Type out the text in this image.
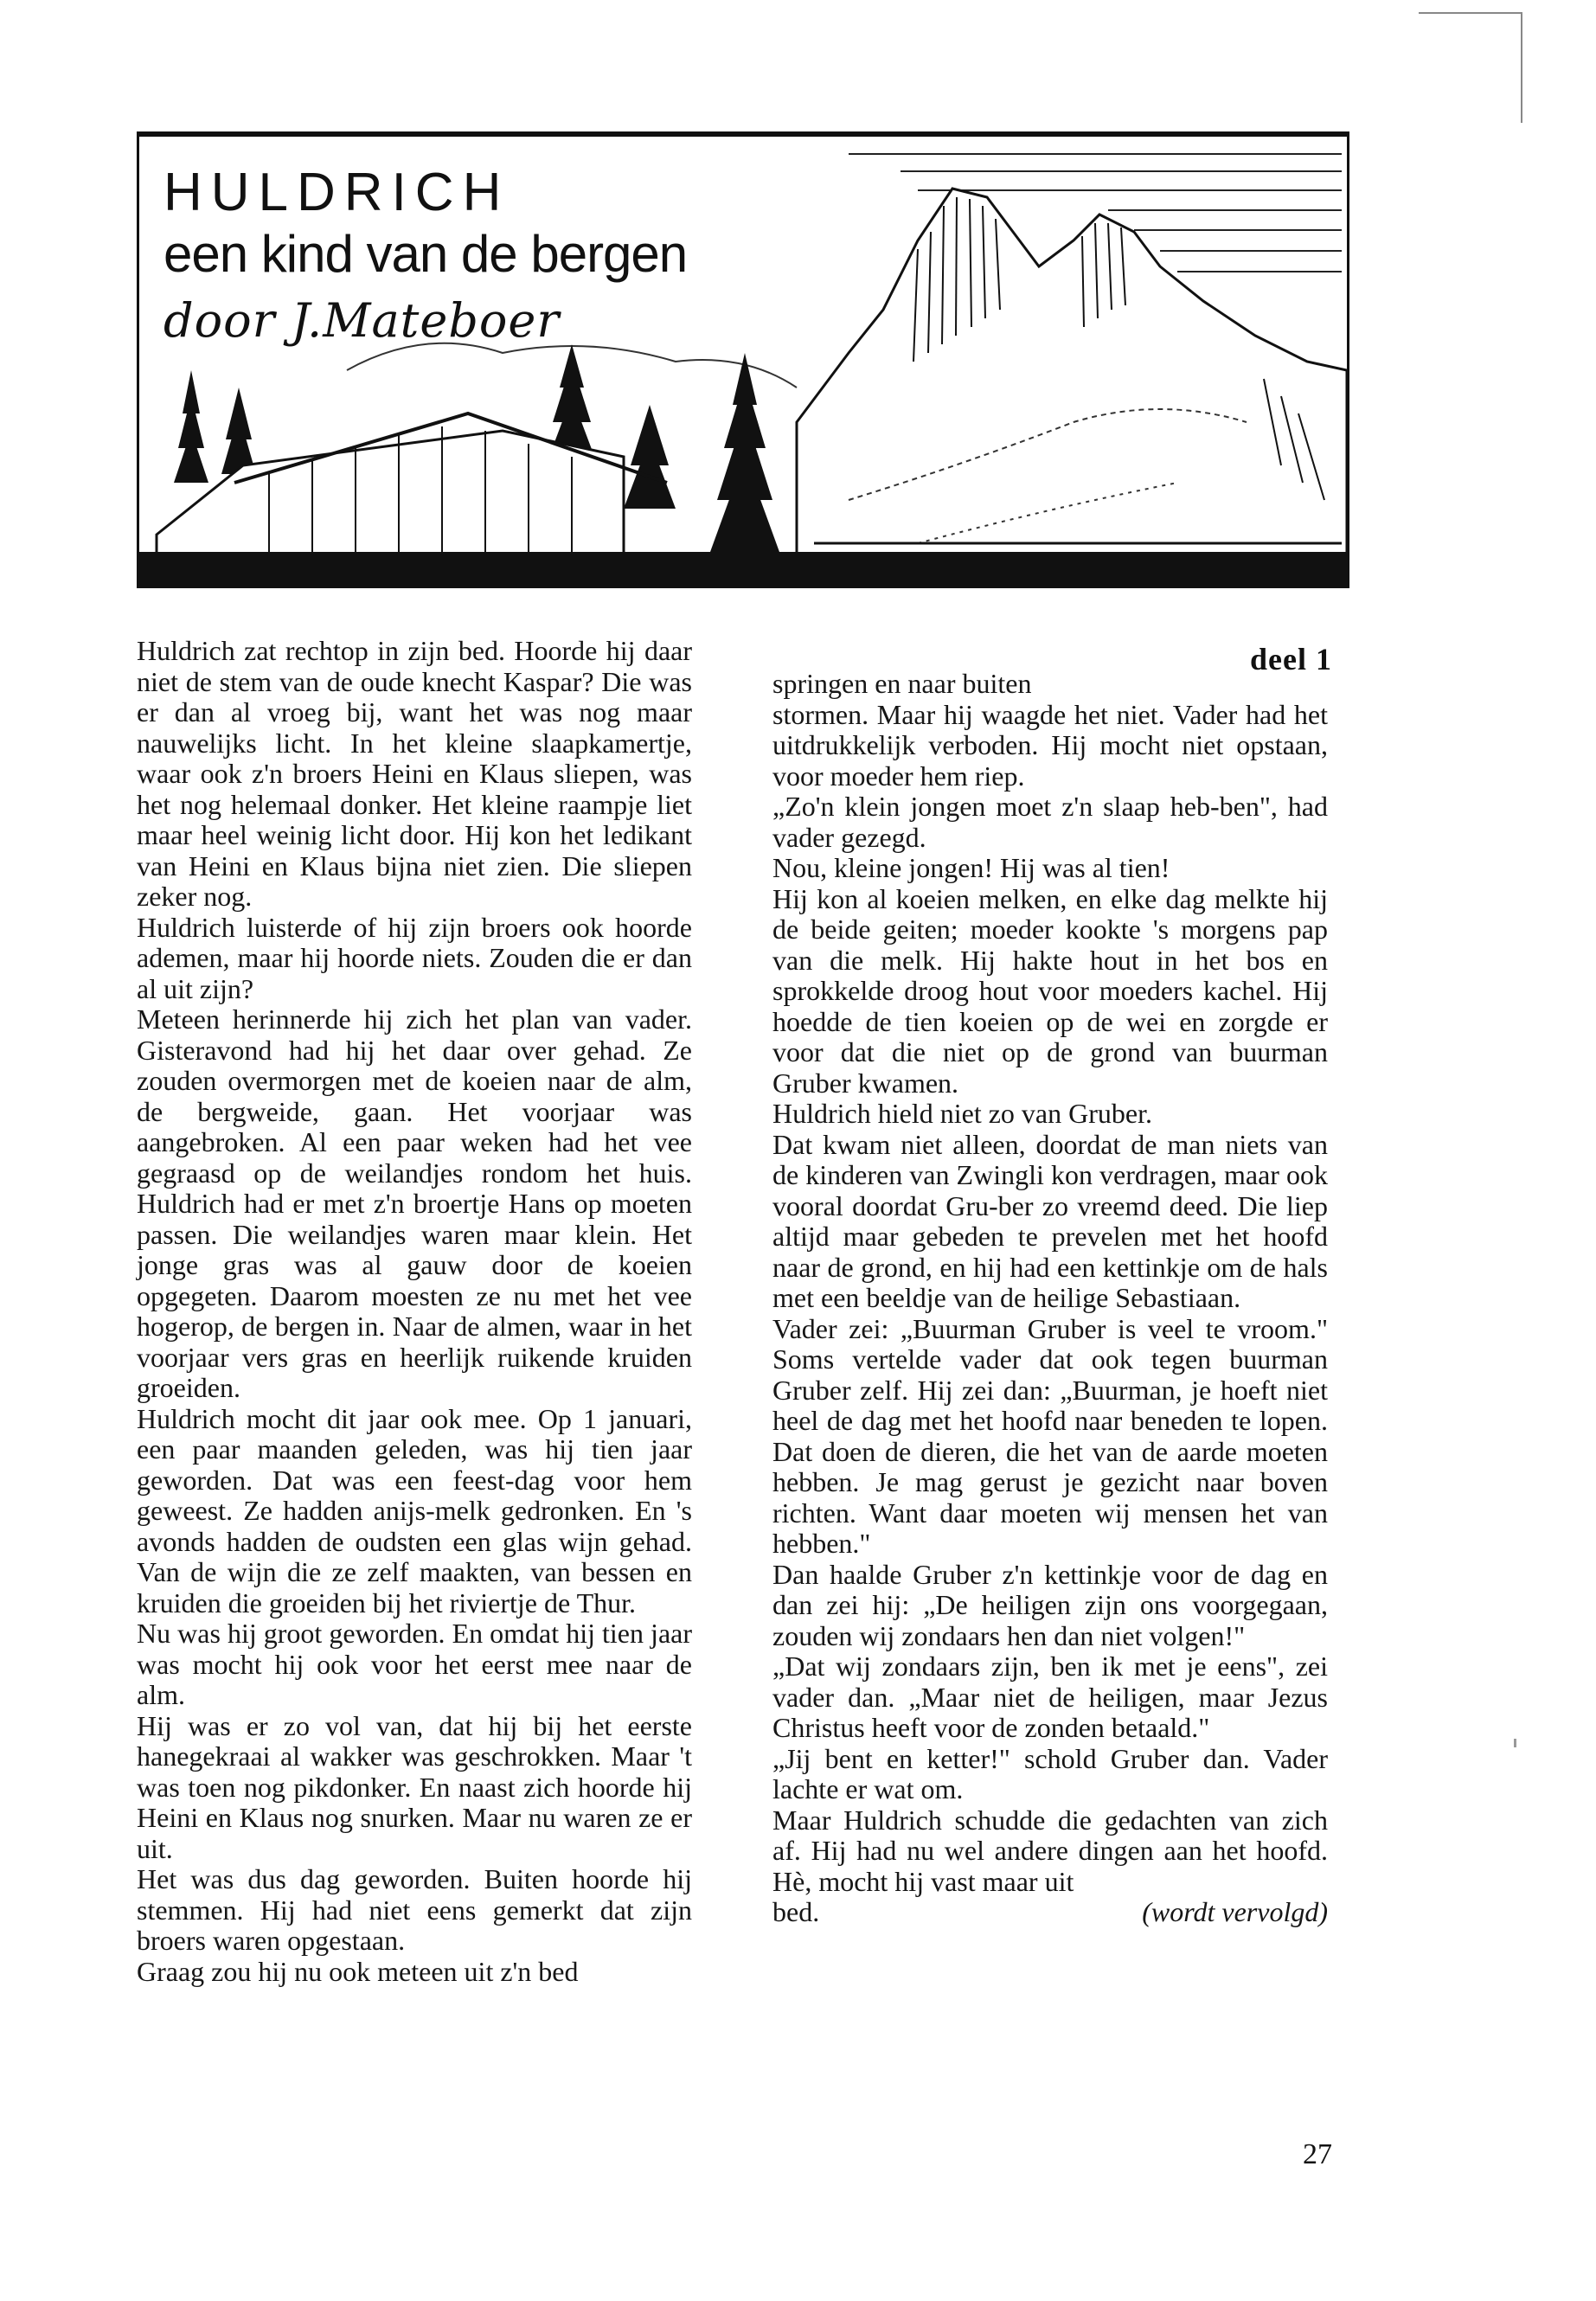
HULDRICH
een kind van de bergen
door J.Mateboer
deel 1

Huldrich zat rechtop in zijn bed. Hoorde hij daar niet de stem van de oude knecht Kaspar? Die was er dan al vroeg bij, want het was nog maar nauwelijks licht. In het kleine slaapkamertje, waar ook z'n broers Heini en Klaus sliepen, was het nog helemaal donker. Het kleine raampje liet maar heel weinig licht door. Hij kon het ledikant van Heini en Klaus bijna niet zien. Die sliepen zeker nog.

Huldrich luisterde of hij zijn broers ook hoorde ademen, maar hij hoorde niets. Zouden die er dan al uit zijn?

Meteen herinnerde hij zich het plan van vader. Gisteravond had hij het daar over gehad. Ze zouden overmorgen met de koeien naar de alm, de bergweide, gaan. Het voorjaar was aangebroken. Al een paar weken had het vee gegraasd op de weilandjes rondom het huis. Huldrich had er met z'n broertje Hans op moeten passen. Die weilandjes waren maar klein. Het jonge gras was al gauw door de koeien opgegeten. Daarom moesten ze nu met het vee hogerop, de bergen in. Naar de almen, waar in het voorjaar vers gras en heerlijk ruikende kruiden groeiden.

Huldrich mocht dit jaar ook mee. Op 1 januari, een paar maanden geleden, was hij tien jaar geworden. Dat was een feest-dag voor hem geweest. Ze hadden anijs-melk gedronken. En 's avonds hadden de oudsten een glas wijn gehad. Van de wijn die ze zelf maakten, van bessen en kruiden die groeiden bij het riviertje de Thur.

Nu was hij groot geworden. En omdat hij tien jaar was mocht hij ook voor het eerst mee naar de alm.

Hij was er zo vol van, dat hij bij het eerste hanegekraai al wakker was geschrokken. Maar 't was toen nog pikdonker. En naast zich hoorde hij Heini en Klaus nog snurken. Maar nu waren ze er uit.

Het was dus dag geworden. Buiten hoorde hij stemmen. Hij had niet eens gemerkt dat zijn broers waren opgestaan.

Graag zou hij nu ook meteen uit z'n bed

springen en naar buiten

stormen. Maar hij waagde het niet. Vader had het uitdrukkelijk verboden. Hij mocht niet opstaan, voor moeder hem riep.

„Zo'n klein jongen moet z'n slaap heb-ben", had vader gezegd.

Nou, kleine jongen! Hij was al tien!

Hij kon al koeien melken, en elke dag melkte hij de beide geiten; moeder kookte 's morgens pap van die melk. Hij hakte hout in het bos en sprokkelde droog hout voor moeders kachel. Hij hoedde de tien koeien op de wei en zorgde er voor dat die niet op de grond van buurman Gruber kwamen.

Huldrich hield niet zo van Gruber.

Dat kwam niet alleen, doordat de man niets van de kinderen van Zwingli kon verdragen, maar ook vooral doordat Gru-ber zo vreemd deed. Die liep altijd maar gebeden te prevelen met het hoofd naar de grond, en hij had een kettinkje om de hals met een beeldje van de heilige Sebastiaan.

Vader zei: „Buurman Gruber is veel te vroom." Soms vertelde vader dat ook tegen buurman Gruber zelf. Hij zei dan: „Buurman, je hoeft niet heel de dag met het hoofd naar beneden te lopen. Dat doen de dieren, die het van de aarde moeten hebben. Je mag gerust je gezicht naar boven richten. Want daar moeten wij mensen het van hebben."

Dan haalde Gruber z'n kettinkje voor de dag en dan zei hij: „De heiligen zijn ons voorgegaan, zouden wij zondaars hen dan niet volgen!"

„Dat wij zondaars zijn, ben ik met je eens", zei vader dan. „Maar niet de heiligen, maar Jezus Christus heeft voor de zonden betaald."

„Jij bent en ketter!" schold Gruber dan. Vader lachte er wat om.

Maar Huldrich schudde die gedachten van zich af. Hij had nu wel andere dingen aan het hoofd. Hè, mocht hij vast maar uit

bed.	(wordt vervolgd)

27
